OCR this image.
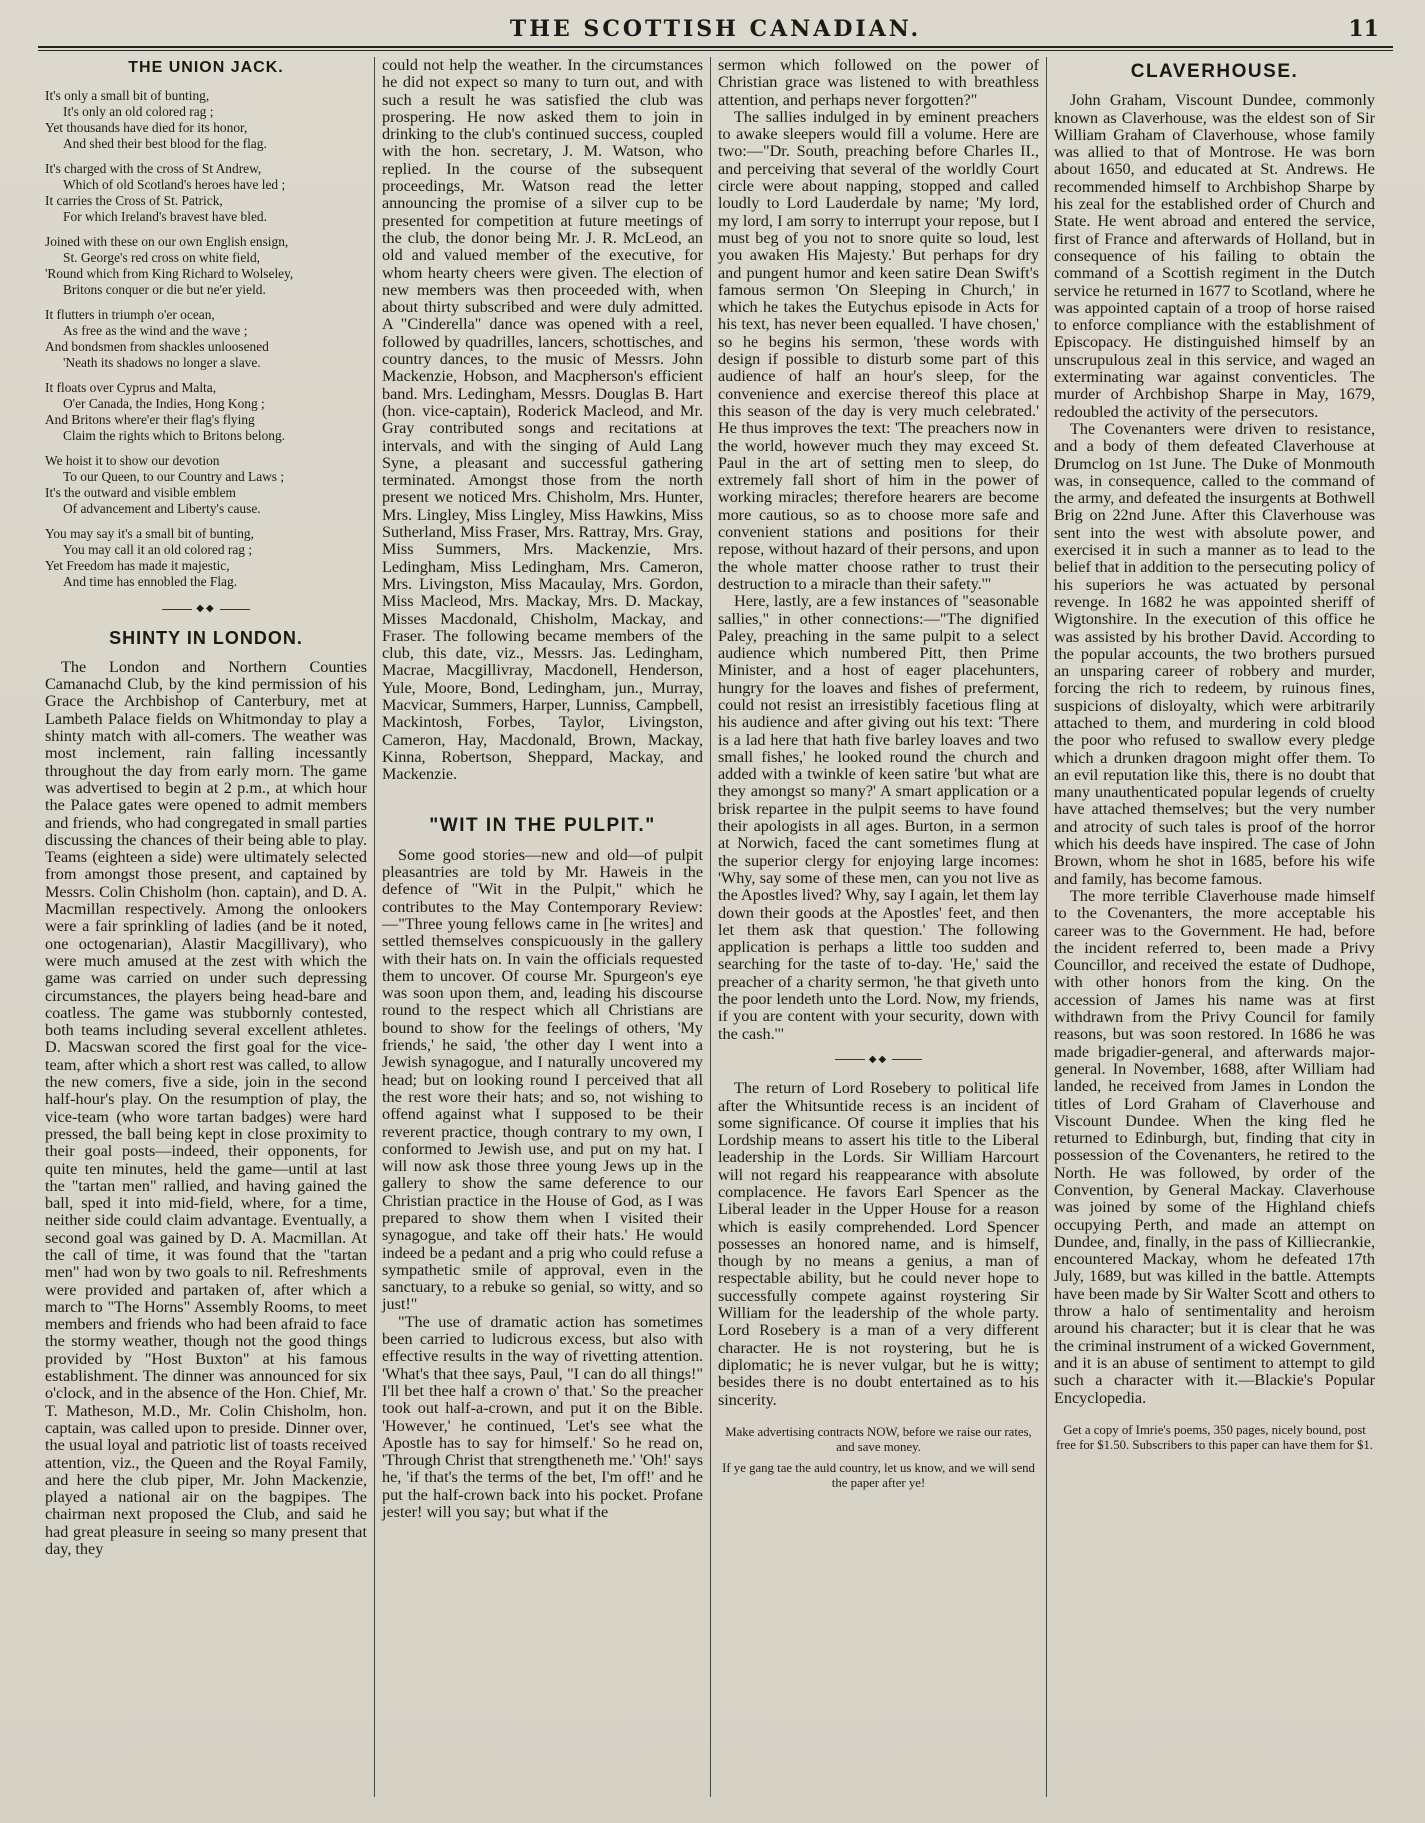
THE SCOTTISH CANADIAN.	11
THE UNION JACK.
It's only a small bit of bunting,
It's only an old colored rag ;
Yet thousands have died for its honor,
And shed their best blood for the flag.
It's charged with the cross of St Andrew,
Which of old Scotland's heroes have led ;
It carries the Cross of St. Patrick,
For which Ireland's bravest have bled.
Joined with these on our own English ensign,
St. George's red cross on white field,
'Round which from King Richard to Wolseley,
Britons conquer or die but ne'er yield.
It flutters in triumph o'er ocean,
As free as the wind and the wave ;
And bondsmen from shackles unloosened
'Neath its shadows no longer a slave.
It floats over Cyprus and Malta,
O'er Canada, the Indies, Hong Kong ;
And Britons where'er their flag's flying
Claim the rights which to Britons belong.
We hoist it to show our devotion
To our Queen, to our Country and Laws ;
It's the outward and visible emblem
Of advancement and Liberty's cause.
You may say it's a small bit of bunting,
You may call it an old colored rag ;
Yet Freedom has made it majestic,
And time has ennobled the Flag.
◆◆
SHINTY IN LONDON.

The London and Northern Counties Camanachd Club, by the kind permission of his Grace the Archbishop of Canterbury, met at Lambeth Palace fields on Whitmonday to play a shinty match with all-comers. The weather was most inclement, rain falling incessantly throughout the day from early morn. The game was advertised to begin at 2 p.m., at which hour the Palace gates were opened to admit members and friends, who had congregated in small parties discussing the chances of their being able to play. Teams (eighteen a side) were ultimately selected from amongst those present, and captained by Messrs. Colin Chisholm (hon. captain), and D. A. Macmillan respectively. Among the onlookers were a fair sprinkling of ladies (and be it noted, one octogenarian), Alastir Macgillivary), who were much amused at the zest with which the game was carried on under such depressing circumstances, the players being head-bare and coatless. The game was stubbornly contested, both teams including several excellent athletes. D. Macswan scored the first goal for the vice-team, after which a short rest was called, to allow the new comers, five a side, join in the second half-hour's play. On the resumption of play, the vice-team (who wore tartan badges) were hard pressed, the ball being kept in close proximity to their goal posts—indeed, their opponents, for quite ten minutes, held the game—until at last the "tartan men" rallied, and having gained the ball, sped it into mid-field, where, for a time, neither side could claim advantage. Eventually, a second goal was gained by D. A. Macmillan. At the call of time, it was found that the "tartan men" had won by two goals to nil. Refreshments were provided and partaken of, after which a march to "The Horns" Assembly Rooms, to meet members and friends who had been afraid to face the stormy weather, though not the good things provided by "Host Buxton" at his famous establishment. The dinner was announced for six o'clock, and in the absence of the Hon. Chief, Mr. T. Matheson, M.D., Mr. Colin Chisholm, hon. captain, was called upon to preside. Dinner over, the usual loyal and patriotic list of toasts received attention, viz., the Queen and the Royal Family, and here the club piper, Mr. John Mackenzie, played a national air on the bagpipes. The chairman next proposed the Club, and said he had great pleasure in seeing so many present that day, they

could not help the weather. In the circumstances he did not expect so many to turn out, and with such a result he was satisfied the club was prospering. He now asked them to join in drinking to the club's continued success, coupled with the hon. secretary, J. M. Watson, who replied. In the course of the subsequent proceedings, Mr. Watson read the letter announcing the promise of a silver cup to be presented for competition at future meetings of the club, the donor being Mr. J. R. McLeod, an old and valued member of the executive, for whom hearty cheers were given. The election of new members was then proceeded with, when about thirty subscribed and were duly admitted. A "Cinderella" dance was opened with a reel, followed by quadrilles, lancers, schottisches, and country dances, to the music of Messrs. John Mackenzie, Hobson, and Macpherson's efficient band. Mrs. Ledingham, Messrs. Douglas B. Hart (hon. vice-captain), Roderick Macleod, and Mr. Gray contributed songs and recitations at intervals, and with the singing of Auld Lang Syne, a pleasant and successful gathering terminated. Amongst those from the north present we noticed Mrs. Chisholm, Mrs. Hunter, Mrs. Lingley, Miss Lingley, Miss Hawkins, Miss Sutherland, Miss Fraser, Mrs. Rattray, Mrs. Gray, Miss Summers, Mrs. Mackenzie, Mrs. Ledingham, Miss Ledingham, Mrs. Cameron, Mrs. Livingston, Miss Macaulay, Mrs. Gordon, Miss Macleod, Mrs. Mackay, Mrs. D. Mackay, Misses Macdonald, Chisholm, Mackay, and Fraser. The following became members of the club, this date, viz., Messrs. Jas. Ledingham, Macrae, Macgillivray, Macdonell, Henderson, Yule, Moore, Bond, Ledingham, jun., Murray, Macvicar, Summers, Harper, Lunniss, Campbell, Mackintosh, Forbes, Taylor, Livingston, Cameron, Hay, Macdonald, Brown, Mackay, Kinna, Robertson, Sheppard, Mackay, and Mackenzie.

"WIT IN THE PULPIT."

Some good stories—new and old—of pulpit pleasantries are told by Mr. Haweis in the defence of "Wit in the Pulpit," which he contributes to the May Contemporary Review:—"Three young fellows came in [he writes] and settled themselves conspicuously in the gallery with their hats on. In vain the officials requested them to uncover. Of course Mr. Spurgeon's eye was soon upon them, and, leading his discourse round to the respect which all Christians are bound to show for the feelings of others, 'My friends,' he said, 'the other day I went into a Jewish synagogue, and I naturally uncovered my head; but on looking round I perceived that all the rest wore their hats; and so, not wishing to offend against what I supposed to be their reverent practice, though contrary to my own, I conformed to Jewish use, and put on my hat. I will now ask those three young Jews up in the gallery to show the same deference to our Christian practice in the House of God, as I was prepared to show them when I visited their synagogue, and take off their hats.' He would indeed be a pedant and a prig who could refuse a sympathetic smile of approval, even in the sanctuary, to a rebuke so genial, so witty, and so just!"

"The use of dramatic action has sometimes been carried to ludicrous excess, but also with effective results in the way of rivetting attention. 'What's that thee says, Paul, "I can do all things!" I'll bet thee half a crown o' that.' So the preacher took out half-a-crown, and put it on the Bible. 'However,' he continued, 'Let's see what the Apostle has to say for himself.' So he read on, 'Through Christ that strengtheneth me.' 'Oh!' says he, 'if that's the terms of the bet, I'm off!' and he put the half-crown back into his pocket. Profane jester! will you say; but what if the

sermon which followed on the power of Christian grace was listened to with breathless attention, and perhaps never forgotten?"

The sallies indulged in by eminent preachers to awake sleepers would fill a volume. Here are two:—"Dr. South, preaching before Charles II., and perceiving that several of the worldly Court circle were about napping, stopped and called loudly to Lord Lauderdale by name; 'My lord, my lord, I am sorry to interrupt your repose, but I must beg of you not to snore quite so loud, lest you awaken His Majesty.' But perhaps for dry and pungent humor and keen satire Dean Swift's famous sermon 'On Sleeping in Church,' in which he takes the Eutychus episode in Acts for his text, has never been equalled. 'I have chosen,' so he begins his sermon, 'these words with design if possible to disturb some part of this audience of half an hour's sleep, for the convenience and exercise thereof this place at this season of the day is very much celebrated.' He thus improves the text: 'The preachers now in the world, however much they may exceed St. Paul in the art of setting men to sleep, do extremely fall short of him in the power of working miracles; therefore hearers are become more cautious, so as to choose more safe and convenient stations and positions for their repose, without hazard of their persons, and upon the whole matter choose rather to trust their destruction to a miracle than their safety.'"

Here, lastly, are a few instances of "seasonable sallies," in other connections:—"The dignified Paley, preaching in the same pulpit to a select audience which numbered Pitt, then Prime Minister, and a host of eager placehunters, hungry for the loaves and fishes of preferment, could not resist an irresistibly facetious fling at his audience and after giving out his text: 'There is a lad here that hath five barley loaves and two small fishes,' he looked round the church and added with a twinkle of keen satire 'but what are they amongst so many?' A smart application or a brisk repartee in the pulpit seems to have found their apologists in all ages. Burton, in a sermon at Norwich, faced the cant sometimes flung at the superior clergy for enjoying large incomes: 'Why, say some of these men, can you not live as the Apostles lived? Why, say I again, let them lay down their goods at the Apostles' feet, and then let them ask that question.' The following application is perhaps a little too sudden and searching for the taste of to-day. 'He,' said the preacher of a charity sermon, 'he that giveth unto the poor lendeth unto the Lord. Now, my friends, if you are content with your security, down with the cash.'"

◆◆

The return of Lord Rosebery to political life after the Whitsuntide recess is an incident of some significance. Of course it implies that his Lordship means to assert his title to the Liberal leadership in the Lords. Sir William Harcourt will not regard his reappearance with absolute complacence. He favors Earl Spencer as the Liberal leader in the Upper House for a reason which is easily comprehended. Lord Spencer possesses an honored name, and is himself, though by no means a genius, a man of respectable ability, but he could never hope to successfully compete against roystering Sir William for the leadership of the whole party. Lord Rosebery is a man of a very different character. He is not roystering, but he is diplomatic; he is never vulgar, but he is witty; besides there is no doubt entertained as to his sincerity.

Make advertising contracts NOW, before we raise our rates, and save money.
If ye gang tae the auld country, let us know, and we will send the paper after ye!
CLAVERHOUSE.

John Graham, Viscount Dundee, commonly known as Claverhouse, was the eldest son of Sir William Graham of Claverhouse, whose family was allied to that of Montrose. He was born about 1650, and educated at St. Andrews. He recommended himself to Archbishop Sharpe by his zeal for the established order of Church and State. He went abroad and entered the service, first of France and afterwards of Holland, but in consequence of his failing to obtain the command of a Scottish regiment in the Dutch service he returned in 1677 to Scotland, where he was appointed captain of a troop of horse raised to enforce compliance with the establishment of Episcopacy. He distinguished himself by an unscrupulous zeal in this service, and waged an exterminating war against conventicles. The murder of Archbishop Sharpe in May, 1679, redoubled the activity of the persecutors.

The Covenanters were driven to resistance, and a body of them defeated Claverhouse at Drumclog on 1st June. The Duke of Monmouth was, in consequence, called to the command of the army, and defeated the insurgents at Bothwell Brig on 22nd June. After this Claverhouse was sent into the west with absolute power, and exercised it in such a manner as to lead to the belief that in addition to the persecuting policy of his superiors he was actuated by personal revenge. In 1682 he was appointed sheriff of Wigtonshire. In the execution of this office he was assisted by his brother David. According to the popular accounts, the two brothers pursued an unsparing career of robbery and murder, forcing the rich to redeem, by ruinous fines, suspicions of disloyalty, which were arbitrarily attached to them, and murdering in cold blood the poor who refused to swallow every pledge which a drunken dragoon might offer them. To an evil reputation like this, there is no doubt that many unauthenticated popular legends of cruelty have attached themselves; but the very number and atrocity of such tales is proof of the horror which his deeds have inspired. The case of John Brown, whom he shot in 1685, before his wife and family, has become famous.

The more terrible Claverhouse made himself to the Covenanters, the more acceptable his career was to the Government. He had, before the incident referred to, been made a Privy Councillor, and received the estate of Dudhope, with other honors from the king. On the accession of James his name was at first withdrawn from the Privy Council for family reasons, but was soon restored. In 1686 he was made brigadier-general, and afterwards major-general. In November, 1688, after William had landed, he received from James in London the titles of Lord Graham of Claverhouse and Viscount Dundee. When the king fled he returned to Edinburgh, but, finding that city in possession of the Covenanters, he retired to the North. He was followed, by order of the Convention, by General Mackay. Claverhouse was joined by some of the Highland chiefs occupying Perth, and made an attempt on Dundee, and, finally, in the pass of Killiecrankie, encountered Mackay, whom he defeated 17th July, 1689, but was killed in the battle. Attempts have been made by Sir Walter Scott and others to throw a halo of sentimentality and heroism around his character; but it is clear that he was the criminal instrument of a wicked Government, and it is an abuse of sentiment to attempt to gild such a character with it.—Blackie's Popular Encyclopedia.

Get a copy of Imrie's poems, 350 pages, nicely bound, post free for $1.50. Subscribers to this paper can have them for $1.
